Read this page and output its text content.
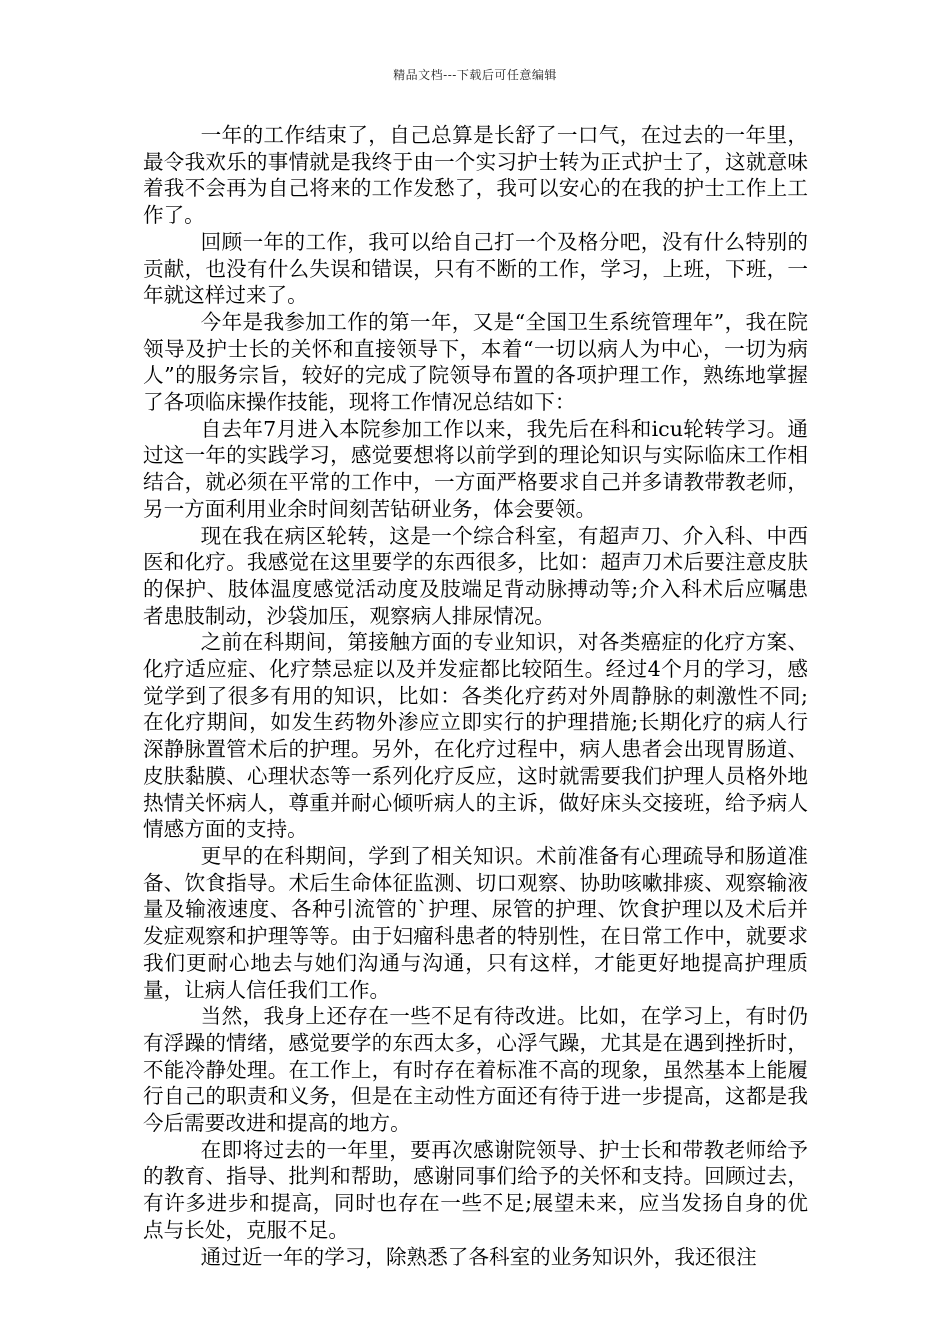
精品文档---下载后可任意编辑

一年的工作结束了，自己总算是长舒了一口气，在过去的一年里，最令我欢乐的事情就是我终于由一个实习护士转为正式护士了，这就意味着我不会再为自己将来的工作发愁了，我可以安心的在我的护士工作上工作了。

回顾一年的工作，我可以给自己打一个及格分吧，没有什么特别的贡献，也没有什么失误和错误，只有不断的工作，学习，上班，下班，一年就这样过来了。

今年是我参加工作的第一年，又是“全国卫生系统管理年”，我在院领导及护士长的关怀和直接领导下，本着“一切以病人为中心，一切为病人”的服务宗旨，较好的完成了院领导布置的各项护理工作，熟练地掌握了各项临床操作技能，现将工作情况总结如下：

自去年7月进入本院参加工作以来，我先后在科和icu轮转学习。通过这一年的实践学习，感觉要想将以前学到的理论知识与实际临床工作相结合，就必须在平常的工作中，一方面严格要求自己并多请教带教老师，另一方面利用业余时间刻苦钻研业务，体会要领。

现在我在病区轮转，这是一个综合科室，有超声刀、介入科、中西医和化疗。我感觉在这里要学的东西很多，比如：超声刀术后要注意皮肤的保护、肢体温度感觉活动度及肢端足背动脉搏动等;介入科术后应嘱患者患肢制动，沙袋加压，观察病人排尿情况。

之前在科期间，第接触方面的专业知识，对各类癌症的化疗方案、化疗适应症、化疗禁忌症以及并发症都比较陌生。经过4个月的学习，感觉学到了很多有用的知识，比如：各类化疗药对外周静脉的刺激性不同;在化疗期间，如发生药物外渗应立即实行的护理措施;长期化疗的病人行深静脉置管术后的护理。另外，在化疗过程中，病人患者会出现胃肠道、皮肤黏膜、心理状态等一系列化疗反应，这时就需要我们护理人员格外地热情关怀病人，尊重并耐心倾听病人的主诉，做好床头交接班，给予病人情感方面的支持。

更早的在科期间，学到了相关知识。术前准备有心理疏导和肠道准备、饮食指导。术后生命体征监测、切口观察、协助咳嗽排痰、观察输液量及输液速度、各种引流管的`护理、尿管的护理、饮食护理以及术后并发症观察和护理等等。由于妇瘤科患者的特别性，在日常工作中，就要求我们更耐心地去与她们沟通与沟通，只有这样，才能更好地提高护理质量，让病人信任我们工作。

当然，我身上还存在一些不足有待改进。比如，在学习上，有时仍有浮躁的情绪，感觉要学的东西太多，心浮气躁，尤其是在遇到挫折时，不能冷静处理。在工作上，有时存在着标准不高的现象，虽然基本上能履行自己的职责和义务，但是在主动性方面还有待于进一步提高，这都是我今后需要改进和提高的地方。

在即将过去的一年里，要再次感谢院领导、护士长和带教老师给予的教育、指导、批判和帮助，感谢同事们给予的关怀和支持。回顾过去，有许多进步和提高，同时也存在一些不足;展望未来，应当发扬自身的优点与长处，克服不足。

通过近一年的学习，除熟悉了各科室的业务知识外，我还很注
